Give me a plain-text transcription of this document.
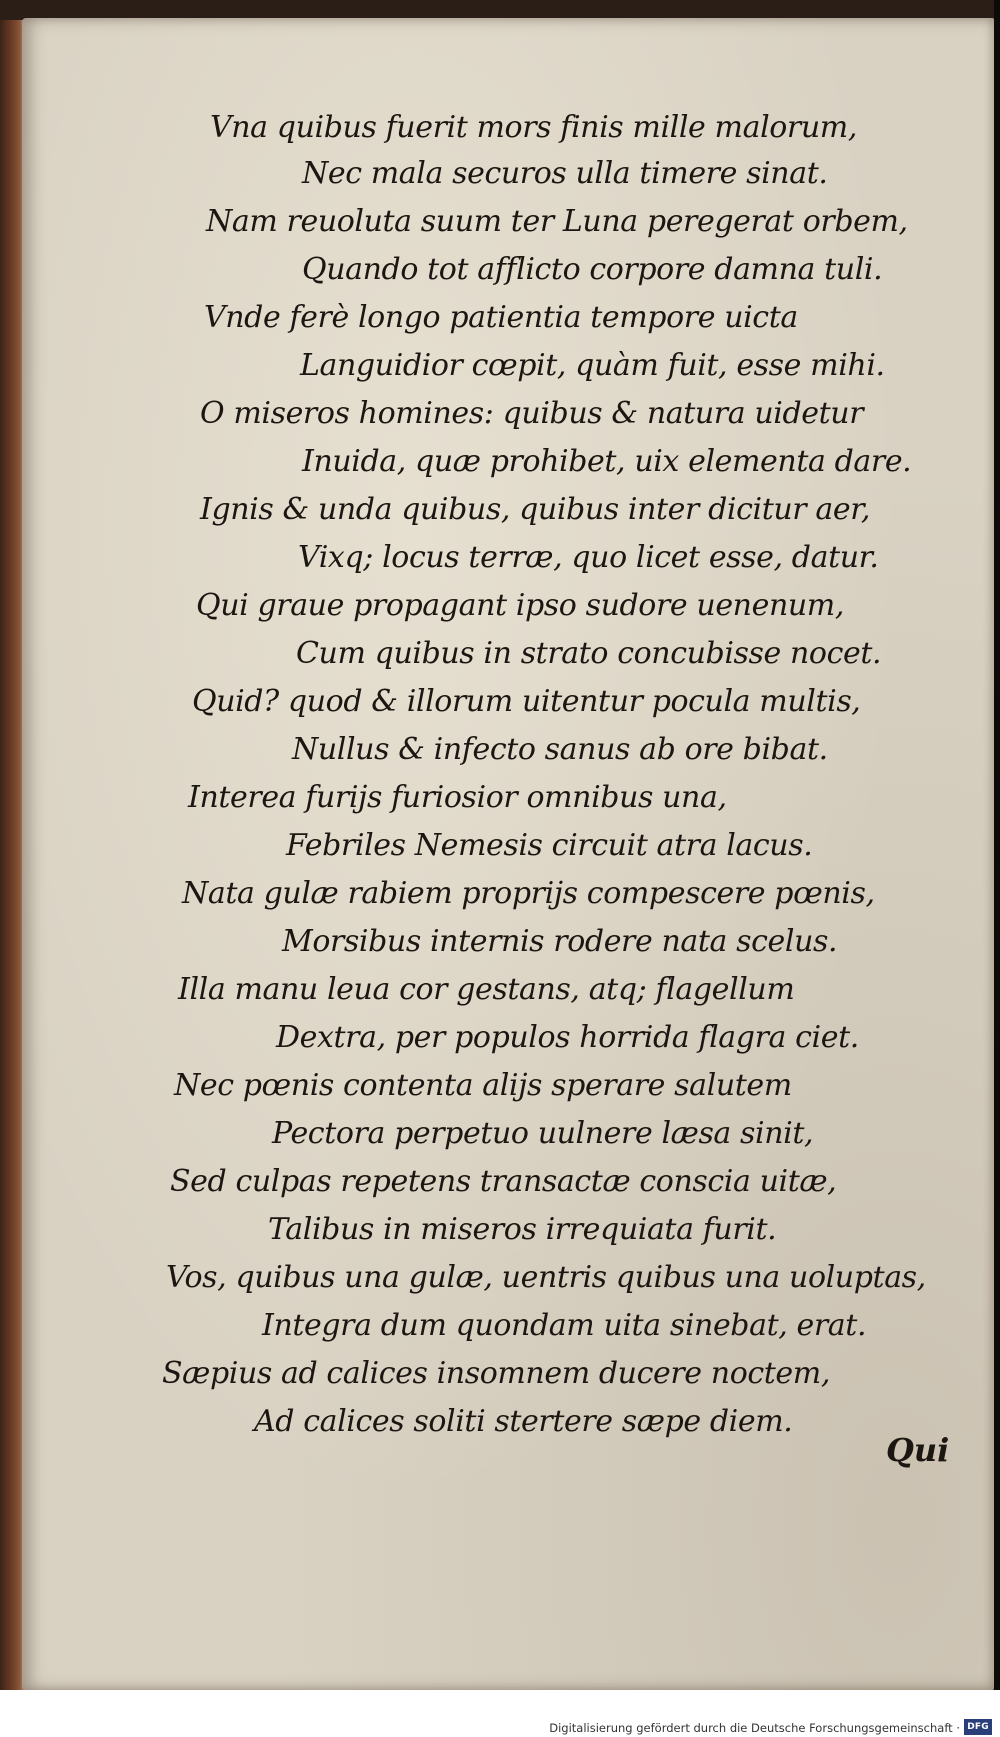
Vna quibus fuerit mors finis mille malorum,
Nec mala securos ulla timere sinat.
Nam reuoluta suum ter Luna peregerat orbem,
Quando tot afflicto corpore damna tuli.
Vnde ferè longo patientia tempore uicta
Languidior cœpit, quàm fuit, esse mihi.
O miseros homines: quibus & natura uidetur
Inuida, quæ prohibet, uix elementa dare.
Ignis & unda quibus, quibus inter dicitur aer,
Vixq; locus terræ, quo licet esse, datur.
Qui graue propagant ipso sudore uenenum,
Cum quibus in strato concubisse nocet.
Quid? quod & illorum uitentur pocula multis,
Nullus & infecto sanus ab ore bibat.
Interea furijs furiosior omnibus una,
Febriles Nemesis circuit atra lacus.
Nata gulæ rabiem proprijs compescere pœnis,
Morsibus internis rodere nata scelus.
Illa manu leua cor gestans, atq; flagellum
Dextra, per populos horrida flagra ciet.
Nec pœnis contenta alijs sperare salutem
Pectora perpetuo uulnere læsa sinit,
Sed culpas repetens transactæ conscia uitæ,
Talibus in miseros irrequiata furit.
Vos, quibus una gulæ, uentris quibus una uoluptas,
Integra dum quondam uita sinebat, erat.
Sæpius ad calices insomnem ducere noctem,
Ad calices soliti stertere sæpe diem.
Qui
Digitalisierung gefördert durch die Deutsche Forschungsgemeinschaft · DFG
